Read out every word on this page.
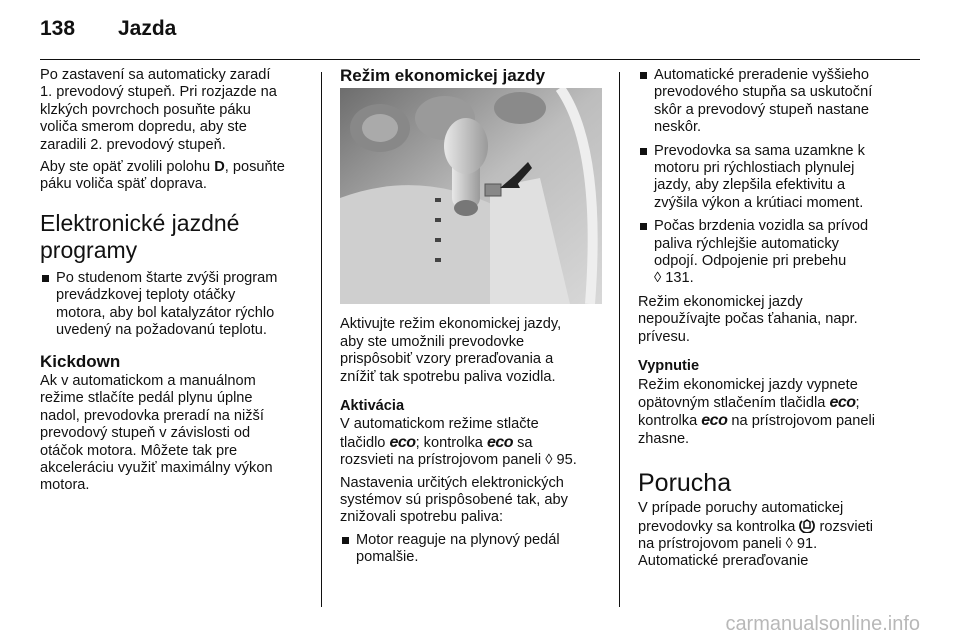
138 Jazda

Po zastavení sa automaticky zaradí
1. prevodový stupeň. Pri rozjazde na
klzkých povrchoch posuňte páku
voliča smerom dopredu, aby ste
zaradili 2. prevodový stupeň.

Aby ste opäť zvolili polohu D, posuňte
páku voliča späť doprava.

Elektronické jazdné
programy
Po studenom štarte zvýši program
prevádzkovej teploty otáčky
motora, aby bol katalyzátor rýchlo
uvedený na požadovanú teplotu.
Kickdown

Ak v automatickom a manuálnom
režime stlačíte pedál plynu úplne
nadol, prevodovka preradí na nižší
prevodový stupeň v závislosti od
otáčok motora. Môžete tak pre
akceleráciu využiť maximálny výkon
motora.

Režim ekonomickej jazdy

Aktivujte režim ekonomickej jazdy,
aby ste umožnili prevodovke
prispôsobiť vzory preraďovania a
znížiť tak spotrebu paliva vozidla.

Aktivácia

V automatickom režime stlačte
tlačidlo eco; kontrolka eco sa
rozsvieti na prístrojovom paneli ◊ 95.

Nastavenia určitých elektronických
systémov sú prispôsobené tak, aby
znižovali spotrebu paliva:

Motor reaguje na plynový pedál
pomalšie.
Automatické preradenie vyššieho
prevodového stupňa sa uskutoční
skôr a prevodový stupeň nastane neskôr.
Prevodovka sa sama uzamkne k
motoru pri rýchlostiach plynulej
jazdy, aby zlepšila efektivitu a
zvýšila výkon a krútiaci moment.
Počas brzdenia vozidla sa prívod
paliva rýchlejšie automaticky
odpojí. Odpojenie pri prebehu
◊ 131.

Režim ekonomickej jazdy
nepoužívajte počas ťahania, napr.
prívesu.

Vypnutie

Režim ekonomickej jazdy vypnete
opätovným stlačením tlačidla eco;
kontrolka eco na prístrojovom paneli
zhasne.

Porucha

V prípade poruchy automatickej
prevodovky sa kontrolka  rozsvieti
na prístrojovom paneli ◊ 91.
Automatické preraďovanie

carmanualsonline.info
